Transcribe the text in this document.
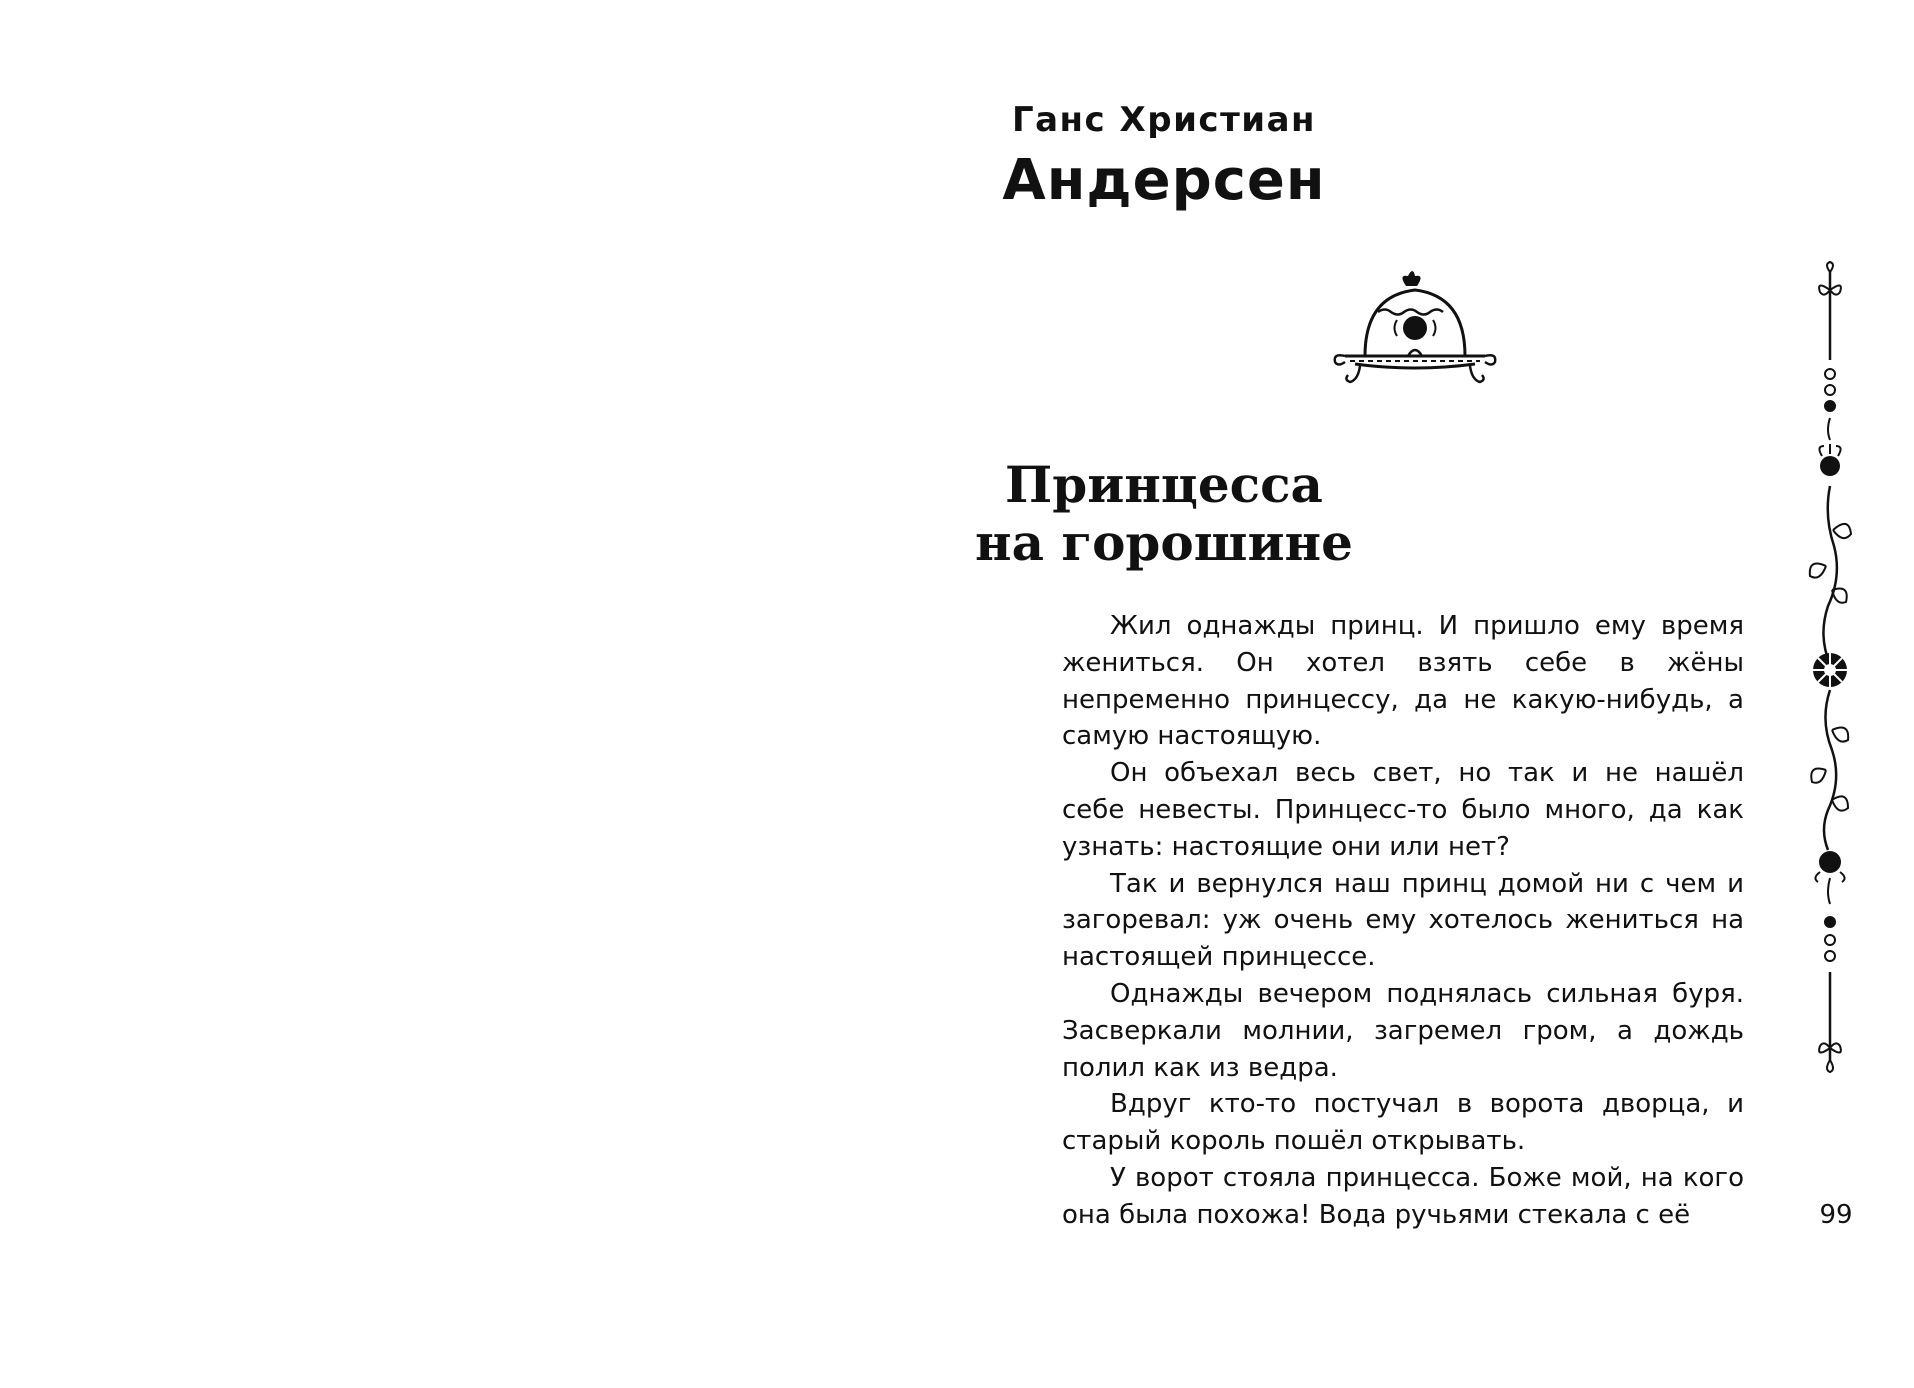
Ганс Христиан
Андерсен
Принцесса
на горошине

Жил однажды принц. И пришло ему время жениться. Он хотел взять себе в жёны непременно принцессу, да не какую-нибудь, а самую настоящую.

Он объехал весь свет, но так и не нашёл себе невесты. Принцесс-то было много, да как узнать: настоящие они или нет?

Так и вернулся наш принц домой ни с чем и загоревал: уж очень ему хотелось жениться на настоящей принцессе.

Однажды вечером поднялась сильная буря. Засверкали молнии, загремел гром, а дождь полил как из ведра.

Вдруг кто-то постучал в ворота дворца, и старый король пошёл открывать.

У ворот стояла принцесса. Боже мой, на кого она была похожа! Вода ручьями стекала с её	99
